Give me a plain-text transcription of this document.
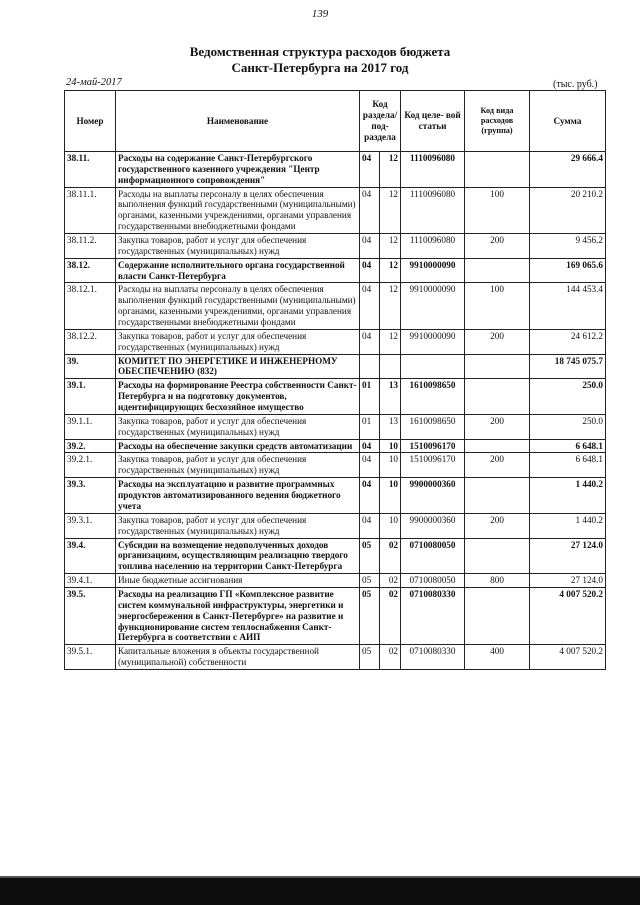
139
Ведомственная структура расходов бюджета
Санкт-Петербурга на 2017 год
24-май-2017	(тыс. руб.)
Номер	Наименование	Код раздела/ под- раздела		Код целе- вой статьи	Код вида расходов (группа)	Сумма
38.11.	Расходы на содержание Санкт-Петербургского государственного казенного учреждения "Центр информационного сопровождения"	04	12	1110096080		29 666.4
38.11.1.	Расходы на выплаты персоналу в целях обеспечения выполнения функций государственными (муниципальными) органами, казенными учреждениями, органами управления государственными внебюджетными фондами	04	12	1110096080	100	20 210.2
38.11.2.	Закупка товаров, работ и услуг для обеспечения государственных (муниципальных) нужд	04	12	1110096080	200	9 456.2
38.12.	Содержание исполнительного органа государственной власти Санкт-Петербурга	04	12	9910000090		169 065.6
38.12.1.	Расходы на выплаты персоналу в целях обеспечения выполнения функций государственными (муниципальными) органами, казенными учреждениями, органами управления государственными внебюджетными фондами	04	12	9910000090	100	144 453.4
38.12.2.	Закупка товаров, работ и услуг для обеспечения государственных (муниципальных) нужд	04	12	9910000090	200	24 612.2
39.	КОМИТЕТ ПО ЭНЕРГЕТИКЕ И ИНЖЕНЕРНОМУ ОБЕСПЕЧЕНИЮ (832)					18 745 075.7
39.1.	Расходы на формирование Реестра собственности Санкт-Петербурга и на подготовку документов, идентифицирующих бесхозяйное имущество	01	13	1610098650		250.0
39.1.1.	Закупка товаров, работ и услуг для обеспечения государственных (муниципальных) нужд	01	13	1610098650	200	250.0
39.2.	Расходы на обеспечение закупки средств автоматизации	04	10	1510096170		6 648.1
39.2.1.	Закупка товаров, работ и услуг для обеспечения государственных (муниципальных) нужд	04	10	1510096170	200	6 648.1
39.3.	Расходы на эксплуатацию и развитие программных продуктов автоматизированного ведения бюджетного учета	04	10	9900000360		1 440.2
39.3.1.	Закупка товаров, работ и услуг для обеспечения государственных (муниципальных) нужд	04	10	9900000360	200	1 440.2
39.4.	Субсидии на возмещение недополученных доходов организациям, осуществляющим реализацию твердого топлива населению на территории Санкт-Петербурга	05	02	0710080050		27 124.0
39.4.1.	Иные бюджетные ассигнования	05	02	0710080050	800	27 124.0
39.5.	Расходы на реализацию ГП «Комплексное развитие систем коммунальной инфраструктуры, энергетики и энергосбережения в Санкт-Петербурге» на развитие и функционирование систем теплоснабжения Санкт-Петербурга в соответствии с АИП	05	02	0710080330		4 007 520.2
39.5.1.	Капитальные вложения в объекты государственной (муниципальной) собственности	05	02	0710080330	400	4 007 520.2
